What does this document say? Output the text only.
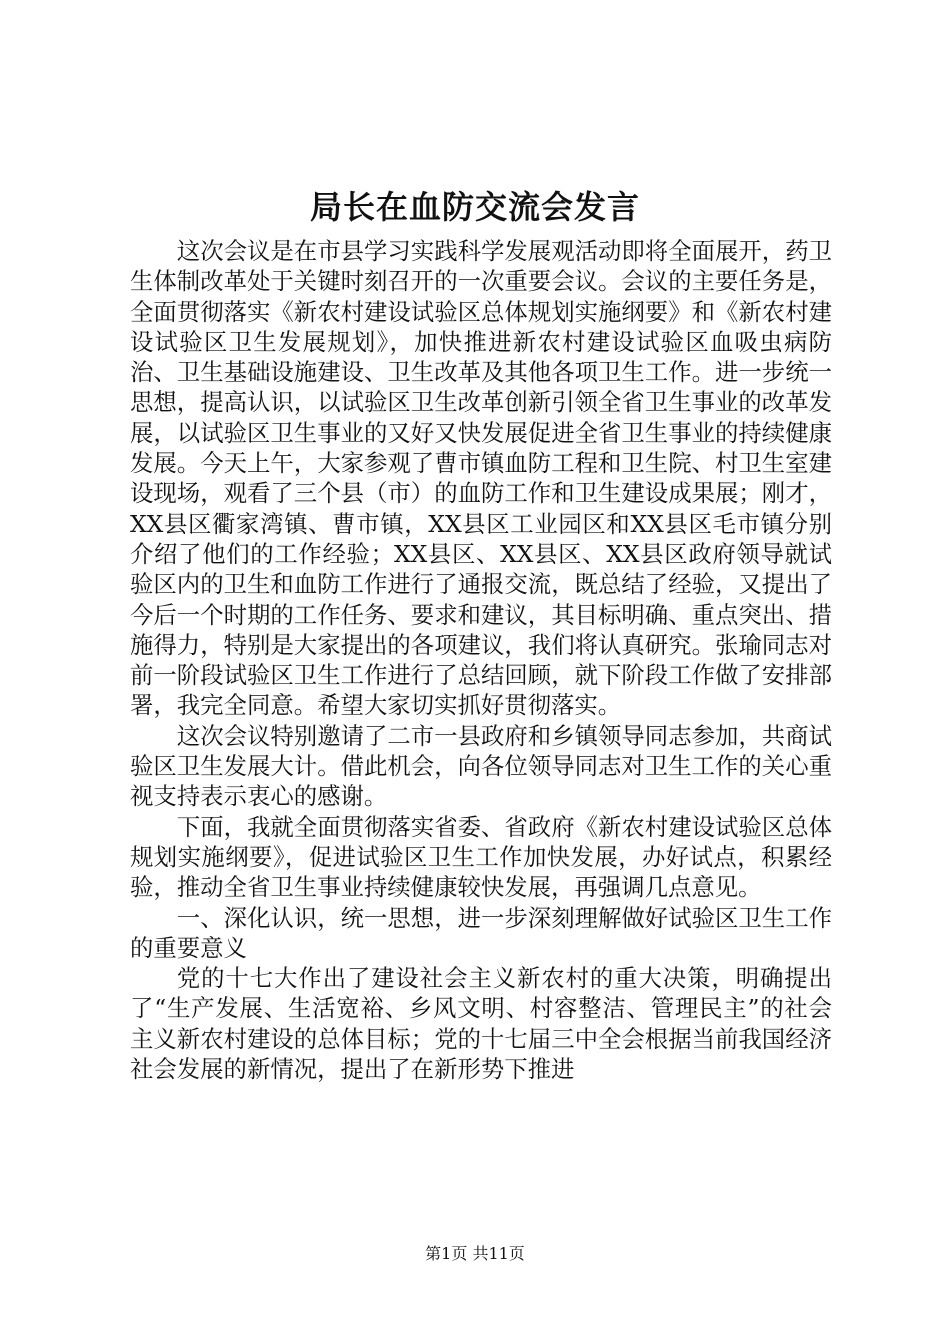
局长在血防交流会发言

这次会议是在市县学习实践科学发展观活动即将全面展开，药卫生体制改革处于关键时刻召开的一次重要会议。会议的主要任务是，全面贯彻落实《新农村建设试验区总体规划实施纲要》和《新农村建设试验区卫生发展规划》，加快推进新农村建设试验区血吸虫病防治、卫生基础设施建设、卫生改革及其他各项卫生工作。进一步统一思想，提高认识，以试验区卫生改革创新引领全省卫生事业的改革发展，以试验区卫生事业的又好又快发展促进全省卫生事业的持续健康发展。今天上午，大家参观了曹市镇血防工程和卫生院、村卫生室建设现场，观看了三个县（市）的血防工作和卫生建设成果展；刚才，XX县区衢家湾镇、曹市镇，XX县区工业园区和XX县区毛市镇分别介绍了他们的工作经验；XX县区、XX县区、XX县区政府领导就试验区内的卫生和血防工作进行了通报交流，既总结了经验，又提出了今后一个时期的工作任务、要求和建议，其目标明确、重点突出、措施得力，特别是大家提出的各项建议，我们将认真研究。张瑜同志对前一阶段试验区卫生工作进行了总结回顾，就下阶段工作做了安排部署，我完全同意。希望大家切实抓好贯彻落实。

这次会议特别邀请了二市一县政府和乡镇领导同志参加，共商试验区卫生发展大计。借此机会，向各位领导同志对卫生工作的关心重视支持表示衷心的感谢。

下面，我就全面贯彻落实省委、省政府《新农村建设试验区总体规划实施纲要》，促进试验区卫生工作加快发展，办好试点，积累经验，推动全省卫生事业持续健康较快发展，再强调几点意见。

一、深化认识，统一思想，进一步深刻理解做好试验区卫生工作的重要意义

党的十七大作出了建设社会主义新农村的重大决策，明确提出了“生产发展、生活宽裕、乡风文明、村容整洁、管理民主”的社会主义新农村建设的总体目标；党的十七届三中全会根据当前我国经济社会发展的新情况，提出了在新形势下推进

第1页 共11页
